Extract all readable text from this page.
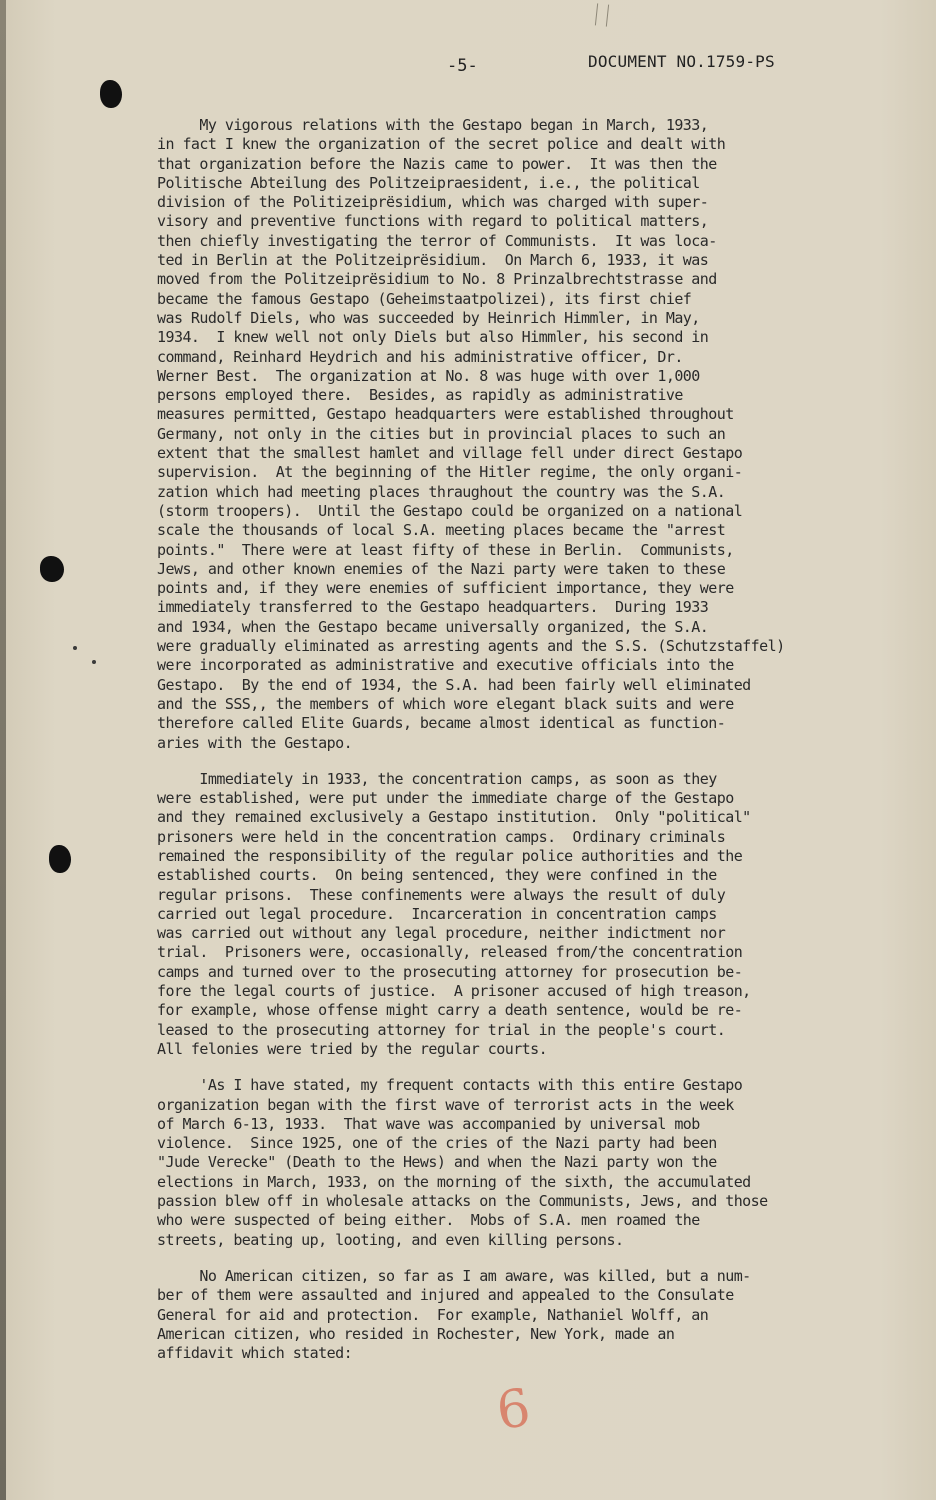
-5-	DOCUMENT NO.1759-PS
My vigorous relations with the Gestapo began in March, 1933,
in fact I knew the organization of the secret police and dealt with
that organization before the Nazis came to power.  It was then the
Politische Abteilung des Politzeipraesident, i.e., the political
division of the Politizeiprёsidium, which was charged with super-
visory and preventive functions with regard to political matters,
then chiefly investigating the terror of Communists.  It was loca-
ted in Berlin at the Politzeiprёsidium.  On March 6, 1933, it was
moved from the Politzeiprёsidium to No. 8 Prinzalbrechtstrasse and
became the famous Gestapo (Geheimstaatpolizei), its first chief
was Rudolf Diels, who was succeeded by Heinrich Himmler, in May,
1934.  I knew well not only Diels but also Himmler, his second in
command, Reinhard Heydrich and his administrative officer, Dr.
Werner Best.  The organization at No. 8 was huge with over 1,000
persons employed there.  Besides, as rapidly as administrative
measures permitted, Gestapo headquarters were established throughout
Germany, not only in the cities but in provincial places to such an
extent that the smallest hamlet and village fell under direct Gestapo
supervision.  At the beginning of the Hitler regime, the only organi-
zation which had meeting places thraughout the country was the S.A.
(storm troopers).  Until the Gestapo could be organized on a national
scale the thousands of local S.A. meeting places became the "arrest
points."  There were at least fifty of these in Berlin.  Communists,
Jews, and other known enemies of the Nazi party were taken to these
points and, if they were enemies of sufficient importance, they were
immediately transferred to the Gestapo headquarters.  During 1933
and 1934, when the Gestapo became universally organized, the S.A.
were gradually eliminated as arresting agents and the S.S. (Schutzstaffel)
were incorporated as administrative and executive officials into the
Gestapo.  By the end of 1934, the S.A. had been fairly well eliminated
and the SSS,, the members of which wore elegant black suits and were
therefore called Elite Guards, became almost identical as function-
aries with the Gestapo.
Immediately in 1933, the concentration camps, as soon as they
were established, were put under the immediate charge of the Gestapo
and they remained exclusively a Gestapo institution.  Only "political"
prisoners were held in the concentration camps.  Ordinary criminals
remained the responsibility of the regular police authorities and the
established courts.  On being sentenced, they were confined in the
regular prisons.  These confinements were always the result of duly
carried out legal procedure.  Incarceration in concentration camps
was carried out without any legal procedure, neither indictment nor
trial.  Prisoners were, occasionally, released from/the concentration
camps and turned over to the prosecuting attorney for prosecution be-
fore the legal courts of justice.  A prisoner accused of high treason,
for example, whose offense might carry a death sentence, would be re-
leased to the prosecuting attorney for trial in the people's court.
All felonies were tried by the regular courts.
'As I have stated, my frequent contacts with this entire Gestapo
organization began with the first wave of terrorist acts in the week
of March 6-13, 1933.  That wave was accompanied by universal mob
violence.  Since 1925, one of the cries of the Nazi party had been
"Jude Verecke" (Death to the Hews) and when the Nazi party won the
elections in March, 1933, on the morning of the sixth, the accumulated
passion blew off in wholesale attacks on the Communists, Jews, and those
who were suspected of being either.  Mobs of S.A. men roamed the
streets, beating up, looting, and even killing persons.
No American citizen, so far as I am aware, was killed, but a num-
ber of them were assaulted and injured and appealed to the Consulate
General for aid and protection.  For example, Nathaniel Wolff, an
American citizen, who resided in Rochester, New York, made an
affidavit which stated:
6
